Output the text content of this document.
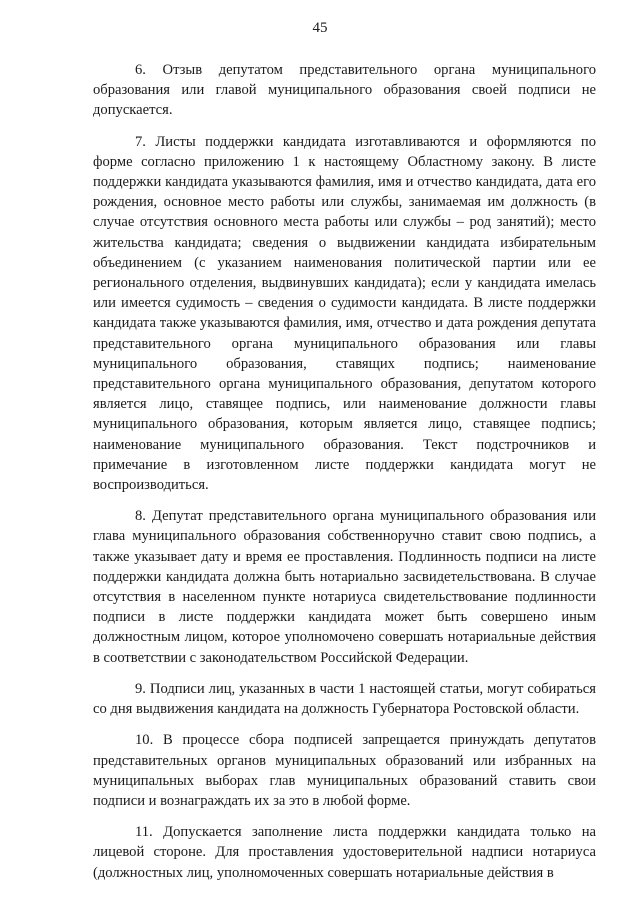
45

6. Отзыв депутатом представительного органа муниципального образования или главой муниципального образования своей подписи не допускается.

7. Листы поддержки кандидата изготавливаются и оформляются по форме согласно приложению 1 к настоящему Областному закону. В листе поддержки кандидата указываются фамилия, имя и отчество кандидата, дата его рождения, основное место работы или службы, занимаемая им должность (в случае отсутствия основного места работы или службы – род занятий); место жительства кандидата; сведения о выдвижении кандидата избирательным объединением (с указанием наименования политической партии или ее регионального отделения, выдвинувших кандидата); если у кандидата имелась или имеется судимость – сведения о судимости кандидата. В листе поддержки кандидата также указываются фамилия, имя, отчество и дата рождения депутата представительного органа муниципального образования или главы муниципального образования, ставящих подпись; наименование представительного органа муниципального образования, депутатом которого является лицо, ставящее подпись, или наименование должности главы муниципального образования, которым является лицо, ставящее подпись; наименование муниципального образования. Текст подстрочников и примечание в изготовленном листе поддержки кандидата могут не воспроизводиться.

8. Депутат представительного органа муниципального образования или глава муниципального образования собственноручно ставит свою подпись, а также указывает дату и время ее проставления. Подлинность подписи на листе поддержки кандидата должна быть нотариально засвидетельствована. В случае отсутствия в населенном пункте нотариуса свидетельствование подлинности подписи в листе поддержки кандидата может быть совершено иным должностным лицом, которое уполномочено совершать нотариальные действия в соответствии с законодательством Российской Федерации.

9. Подписи лиц, указанных в части 1 настоящей статьи, могут собираться со дня выдвижения кандидата на должность Губернатора Ростовской области.

10. В процессе сбора подписей запрещается принуждать депутатов представительных органов муниципальных образований или избранных на муниципальных выборах глав муниципальных образований ставить свои подписи и вознаграждать их за это в любой форме.

11. Допускается заполнение листа поддержки кандидата только на лицевой стороне. Для проставления удостоверительной надписи нотариуса (должностных лиц, уполномоченных совершать нотариальные действия в
